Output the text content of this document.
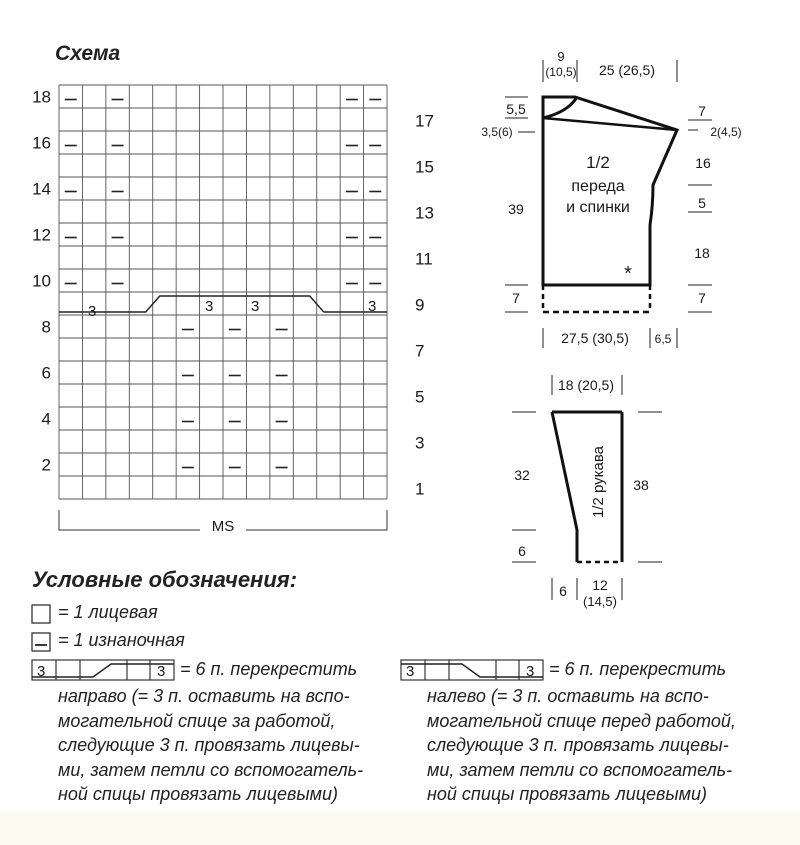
Схема
18
16
14
12
10
8
6
4
2
17
15
13
11
9
7
5
3
1
3	3	3	3
MS
1/2
переда
и спинки
9
(10,5) 25 (26,5)
5,5
3,5(6)
39
7
7
2(4,5)
16
5
18
7
27,5 (30,5) 6,5
*
1/2 рукава
18 (20,5)
32
38
6
6 12
(14,5)
3	3	3	3
Условные обозначения:
= 1 лицевая
= 1 изнаночная
= 6 п. перекрестить
направо (= 3 п. оставить на вспо-
могательной спице за работой,
следующие 3 п. провязать лицевы-
ми, затем петли со вспомогатель-
ной спицы провязать лицевыми)
= 6 п. перекрестить
налево (= 3 п. оставить на вспо-
могательной спице перед работой,
следующие 3 п. провязать лицевы-
ми, затем петли со вспомогатель-
ной спицы провязать лицевыми)
